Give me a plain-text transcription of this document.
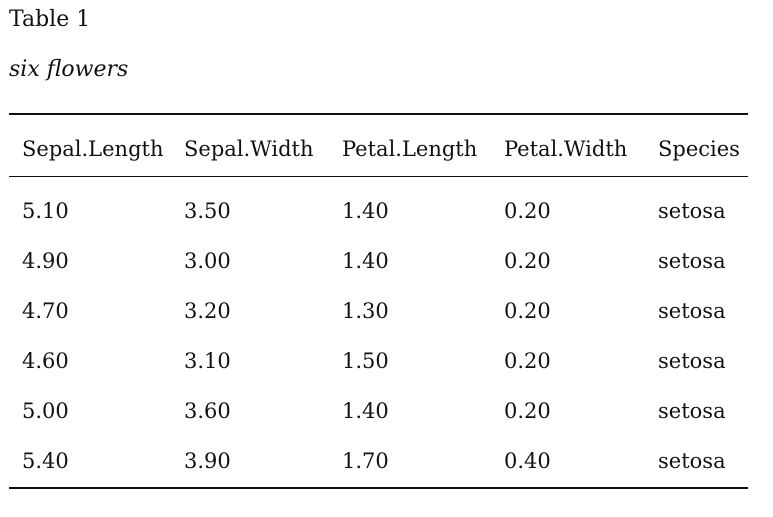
Table 1
six flowers
Sepal.Length Sepal.Width Petal.Length Petal.Width Species
5.10	3.50	1.40	0.20	setosa
4.90	3.00	1.40	0.20	setosa
4.70	3.20	1.30	0.20	setosa
4.60	3.10	1.50	0.20	setosa
5.00	3.60	1.40	0.20	setosa
5.40	3.90	1.70	0.40	setosa
